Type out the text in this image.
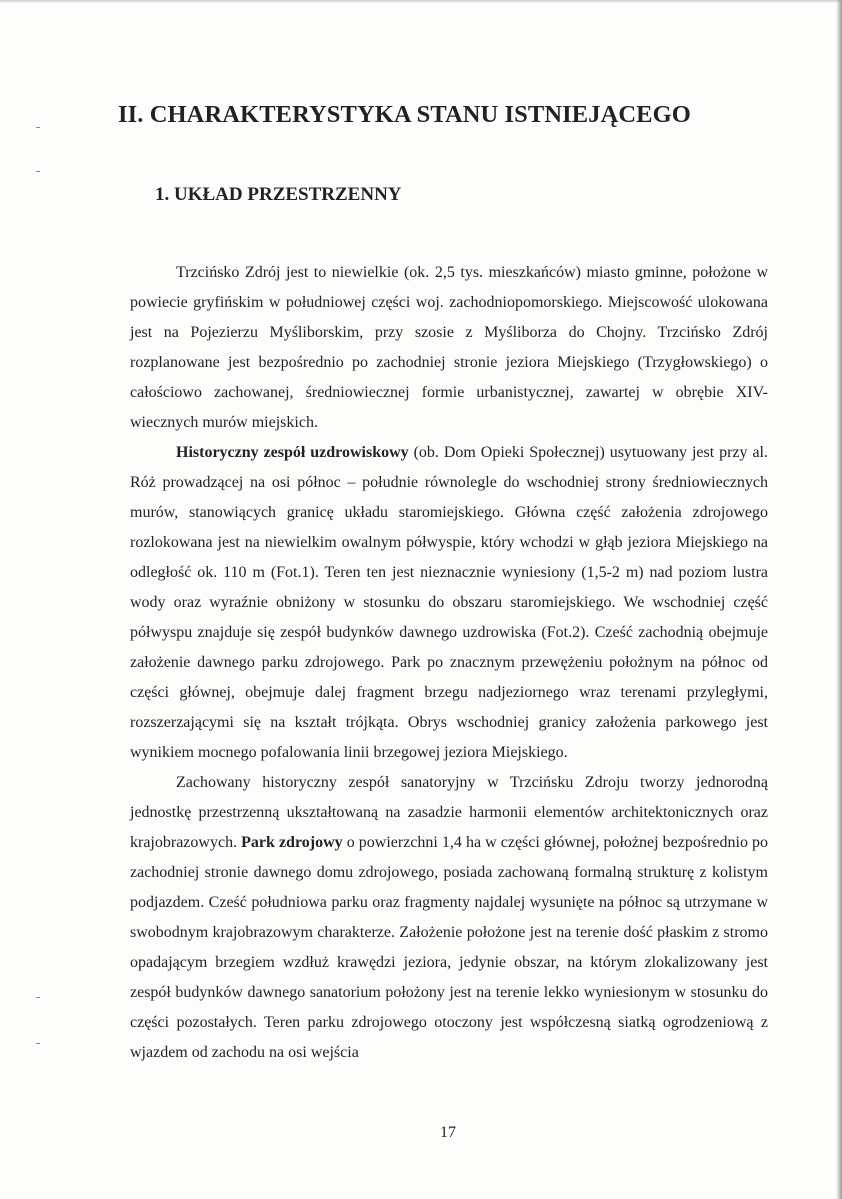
II. CHARAKTERYSTYKA STANU ISTNIEJĄCEGO
1. UKŁAD PRZESTRZENNY

Trzcińsko Zdrój jest to niewielkie (ok. 2,5 tys. mieszkańców) miasto gminne, położone w powiecie gryfińskim w południowej części woj. zachodniopomorskiego. Miejscowość ulokowana jest na Pojezierzu Myśliborskim, przy szosie z Myśliborza do Chojny. Trzcińsko Zdrój rozplanowane jest bezpośrednio po zachodniej stronie jeziora Miejskiego (Trzygłowskiego) o całościowo zachowanej, średniowiecznej formie urbanistycznej, zawartej w obrębie XIV-wiecznych murów miejskich.

Historyczny zespół uzdrowiskowy (ob. Dom Opieki Społecznej) usytuowany jest przy al. Róż prowadzącej na osi północ – południe równolegle do wschodniej strony średniowiecznych murów, stanowiących granicę układu staromiejskiego. Główna część założenia zdrojowego rozlokowana jest na niewielkim owalnym półwyspie, który wchodzi w głąb jeziora Miejskiego na odległość ok. 110 m (Fot.1). Teren ten jest nieznacznie wyniesiony (1,5-2 m) nad poziom lustra wody oraz wyraźnie obniżony w stosunku do obszaru staromiejskiego. We wschodniej część półwyspu znajduje się zespół budynków dawnego uzdrowiska (Fot.2). Cześć zachodnią obejmuje założenie dawnego parku zdrojowego. Park po znacznym przewężeniu położnym na północ od części głównej, obejmuje dalej fragment brzegu nadjeziornego wraz terenami przyległymi, rozszerzającymi się na kształt trójkąta. Obrys wschodniej granicy założenia parkowego jest wynikiem mocnego pofalowania linii brzegowej jeziora Miejskiego.

Zachowany historyczny zespół sanatoryjny w Trzcińsku Zdroju tworzy jednorodną jednostkę przestrzenną ukształtowaną na zasadzie harmonii elementów architektonicznych oraz krajobrazowych. Park zdrojowy o powierzchni 1,4 ha w części głównej, położnej bezpośrednio po zachodniej stronie dawnego domu zdrojowego, posiada zachowaną formalną strukturę z kolistym podjazdem. Cześć południowa parku oraz fragmenty najdalej wysunięte na północ są utrzymane w swobodnym krajobrazowym charakterze. Założenie położone jest na terenie dość płaskim z stromo opadającym brzegiem wzdłuż krawędzi jeziora, jedynie obszar, na którym zlokalizowany jest zespół budynków dawnego sanatorium położony jest na terenie lekko wyniesionym w stosunku do części pozostałych. Teren parku zdrojowego otoczony jest współczesną siatką ogrodzeniową z wjazdem od zachodu na osi wejścia

17
